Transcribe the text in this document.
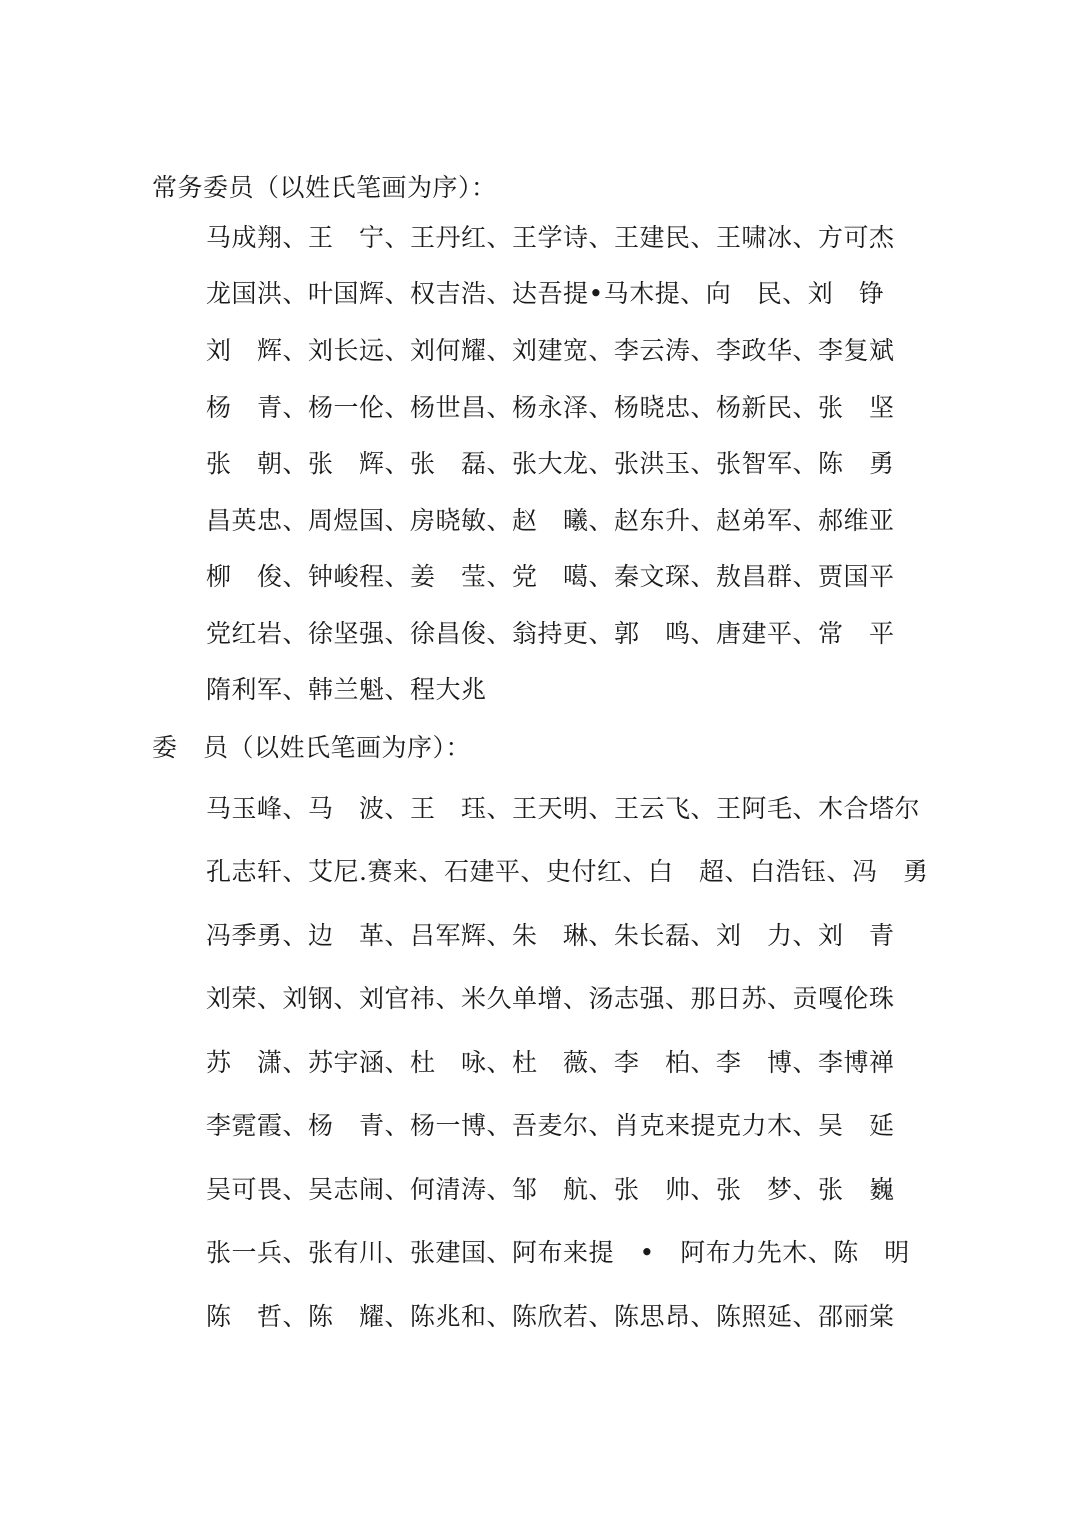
常务委员（以姓氏笔画为序）：
马成翔、王　宁、王丹红、王学诗、王建民、王啸冰、方可杰
龙国洪、叶国辉、权吉浩、达吾提•马木提、向　民、刘　铮
刘　辉、刘长远、刘何耀、刘建宽、李云涛、李政华、李复斌
杨　青、杨一伦、杨世昌、杨永泽、杨晓忠、杨新民、张　坚
张　朝、张　辉、张　磊、张大龙、张洪玉、张智军、陈　勇
昌英忠、周煜国、房晓敏、赵　曦、赵东升、赵弟军、郝维亚
柳　俊、钟峻程、姜　莹、党　噶、秦文琛、敖昌群、贾国平
党红岩、徐坚强、徐昌俊、翁持更、郭　鸣、唐建平、常　平
隋利军、韩兰魁、程大兆
委　员（以姓氏笔画为序）：
马玉峰、马　波、王　珏、王天明、王云飞、王阿毛、木合塔尔
孔志轩、艾尼.赛来、石建平、史付红、白　超、白浩钰、冯　勇
冯季勇、边　革、吕军辉、朱　琳、朱长磊、刘　力、刘　青
刘荣、刘钢、刘官祎、米久单增、汤志强、那日苏、贡嘎伦珠
苏　潇、苏宇涵、杜　咏、杜　薇、李　柏、李　博、李博禅
李霓霞、杨　青、杨一博、吾麦尔、肖克来提克力木、吴　延
吴可畏、吴志闹、何清涛、邹　航、张　帅、张　梦、张　巍
张一兵、张有川、张建国、阿布来提　•　阿布力先木、陈　明
陈　哲、陈　耀、陈兆和、陈欣若、陈思昂、陈照延、邵丽棠
